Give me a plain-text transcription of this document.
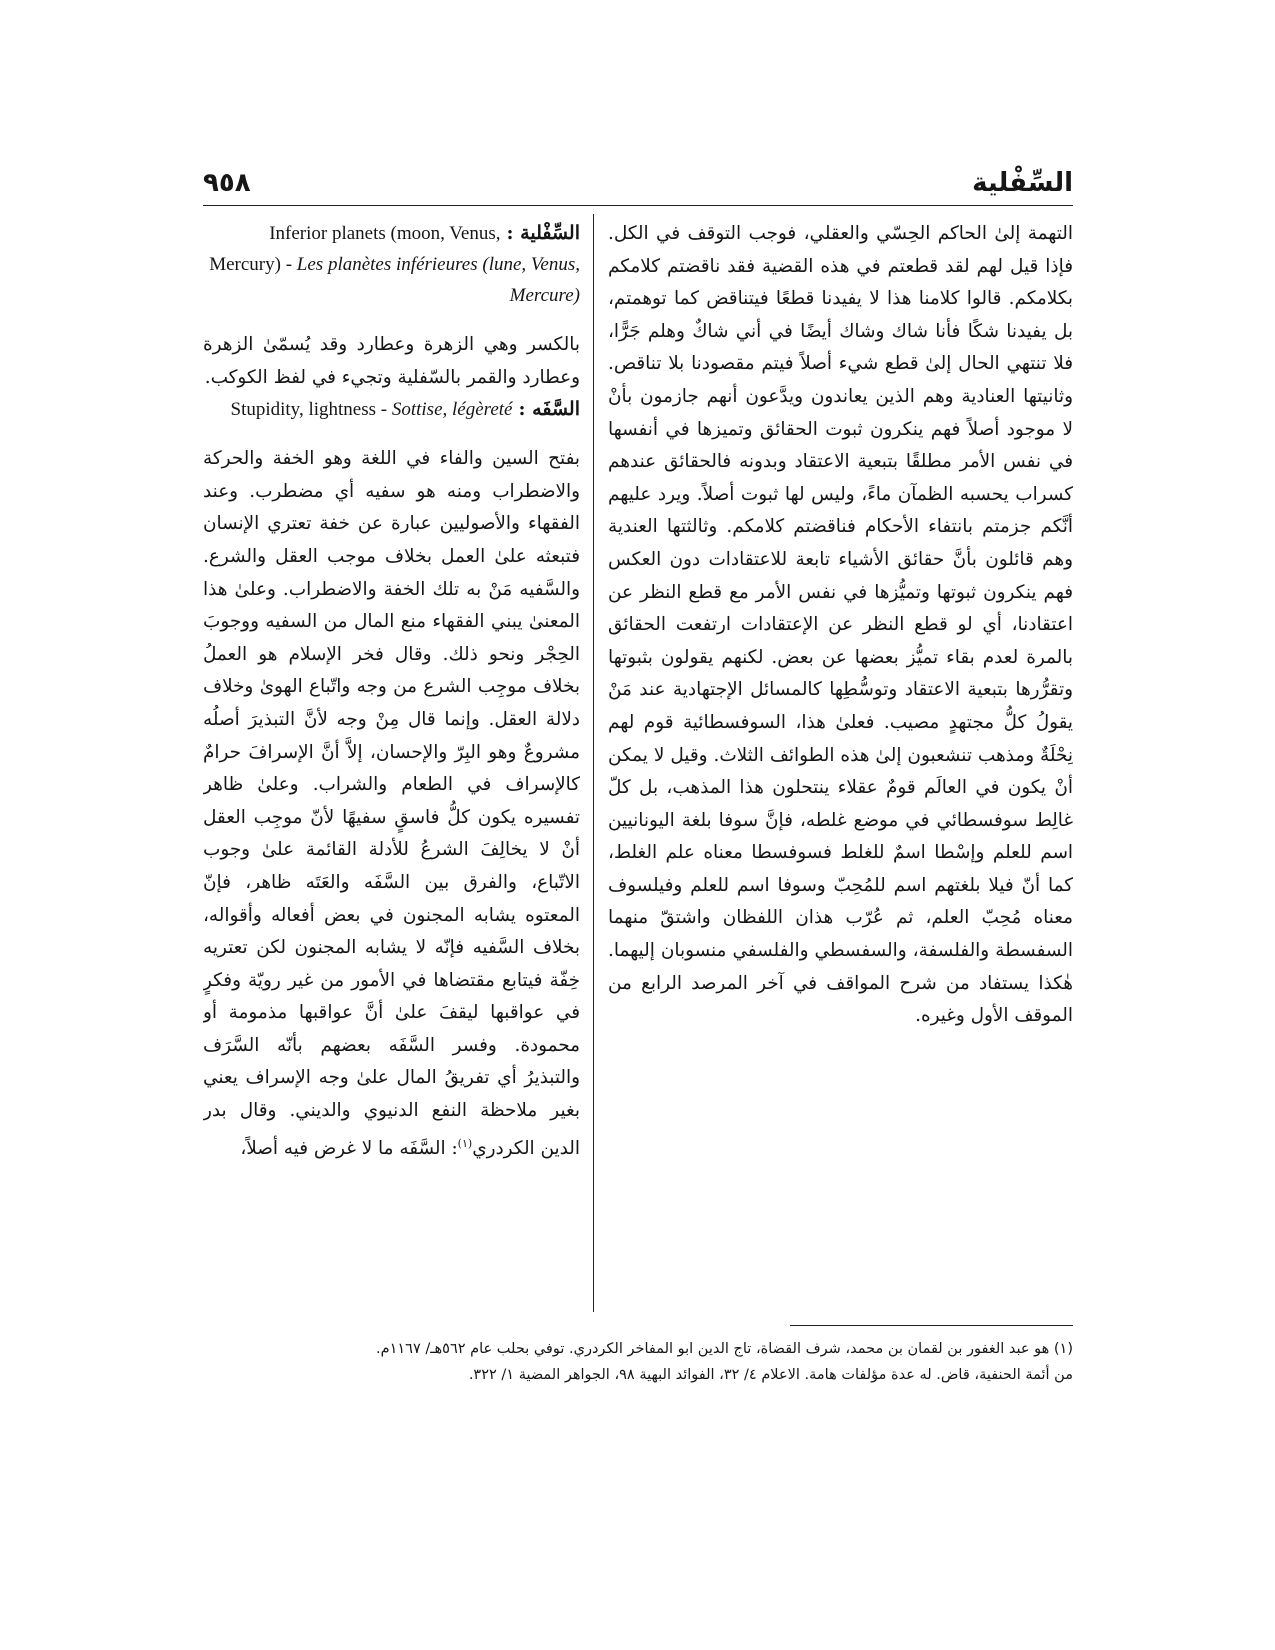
٩٥٨	السِّفْلية

التهمة إلىٰ الحاكم الحِسّي والعقلي، فوجب التوقف في الكل. فإذا قيل لهم لقد قطعتم في هذه القضية فقد ناقضتم كلامكم بكلامكم. قالوا كلامنا هذا لا يفيدنا قطعًا فيتناقض كما توهمتم، بل يفيدنا شكًا فأنا شاك وشاك أيضًا في أني شاكٌ وهلم جَرًّا، فلا تنتهي الحال إلىٰ قطع شيء أصلاً فيتم مقصودنا بلا تناقص. وثانيتها العنادية وهم الذين يعاندون ويدَّعون أنهم جازمون بأنْ لا موجود أصلاً فهم ينكرون ثبوت الحقائق وتميزها في أنفسها في نفس الأمر مطلقًا بتبعية الاعتقاد وبدونه فالحقائق عندهم كسراب يحسبه الظمآن ماءً، وليس لها ثبوت أصلاً. ويرد عليهم أنَّكم جزمتم بانتفاء الأحكام فناقضتم كلامكم. وثالثتها العندية وهم قائلون بأنَّ حقائق الأشياء تابعة للاعتقادات دون العكس فهم ينكرون ثبوتها وتميُّزها في نفس الأمر مع قطع النظر عن اعتقادنا، أي لو قطع النظر عن الإعتقادات ارتفعت الحقائق بالمرة لعدم بقاء تميُّز بعضها عن بعض. لكنهم يقولون بثبوتها وتقرُّرها بتبعية الاعتقاد وتوسُّطِها كالمسائل الإجتهادية عند مَنْ يقولُ كلُّ مجتهدٍ مصيب. فعلىٰ هذا، السوفسطائية قوم لهم نِحْلَةٌ ومذهب تنشعبون إلىٰ هذه الطوائف الثلاث. وقيل لا يمكن أنْ يكون في العالَم قومٌ عقلاء ينتحلون هذا المذهب، بل كلّ غالِط سوفسطائي في موضع غلطه، فإنَّ سوفا بلغة اليونانيين اسم للعلم وإسْطا اسمٌ للغلط فسوفسطا معناه علم الغلط، كما أنّ فيلا بلغتهم اسم للمُحِبّ وسوفا اسم للعلم وفيلسوف معناه مُحِبّ العلم، ثم عُرّب هذان اللفظان واشتقّ منهما السفسطة والفلسفة، والسفسطي والفلسفي منسوبان إليهما. هٰكذا يستفاد من شرح المواقف في آخر المرصد الرابع من الموقف الأول وغيره.

السِّفْلية : Inferior planets (moon, Venus, Mercury) - Les planètes inférieures (lune, Venus, Mercure)

بالكسر وهي الزهرة وعطارد وقد يُسمّىٰ الزهرة وعطارد والقمر بالسّفلية وتجيء في لفظ الكوكب.

السَّفَه : Stupidity, lightness - Sottise, légèreté

بفتح السين والفاء في اللغة وهو الخفة والحركة والاضطراب ومنه هو سفيه أي مضطرب. وعند الفقهاء والأصوليين عبارة عن خفة تعتري الإنسان فتبعثه علىٰ العمل بخلاف موجب العقل والشرع. والسَّفيه مَنْ به تلك الخفة والاضطراب. وعلىٰ هذا المعنىٰ يبني الفقهاء منع المال من السفيه ووجوبَ الحِجْر ونحو ذلك. وقال فخر الإسلام هو العملُ بخلاف موجِب الشرع من وجه واتّباع الهوىٰ وخلاف دلالة العقل. وإنما قال مِنْ وجه لأنَّ التبذيرَ أصلُه مشروعٌ وهو البِرّ والإحسان، إلاَّ أنَّ الإسرافَ حرامٌ كالإسراف في الطعام والشراب. وعلىٰ ظاهر تفسيره يكون كلُّ فاسقٍ سفيهًا لأنّ موجِب العقل أنْ لا يخالِفَ الشرعُ للأدلة القائمة علىٰ وجوب الاتّباع، والفرق بين السَّفَه والعَتَه ظاهر، فإنّ المعتوه يشابه المجنون في بعض أفعاله وأقواله، بخلاف السَّفيه فإنّه لا يشابه المجنون لكن تعتريه خِفّة فيتابع مقتضاها في الأمور من غير رويّة وفكرٍ في عواقبها ليقفَ علىٰ أنَّ عواقبها مذمومة أو محمودة. وفسر السَّفَه بعضهم بأنّه السَّرَف والتبذيرُ أي تفريقُ المال علىٰ وجه الإسراف يعني بغير ملاحظة النفع الدنيوي والديني. وقال بدر الدين الكردري$^{(١)}$: السَّفَه ما لا غرض فيه أصلاً،

(١) هو عبد الغفور بن لقمان بن محمد، شرف القضاة، تاج الدين ابو المفاخر الكردري. توفي بحلب عام ٥٦٢هـ/ ١١٦٧م.

من أئمة الحنفية، قاض. له عدة مؤلفات هامة. الاعلام ٤/ ٣٢، الفوائد البهية ٩٨، الجواهر المضية ١/ ٣٢٢.
